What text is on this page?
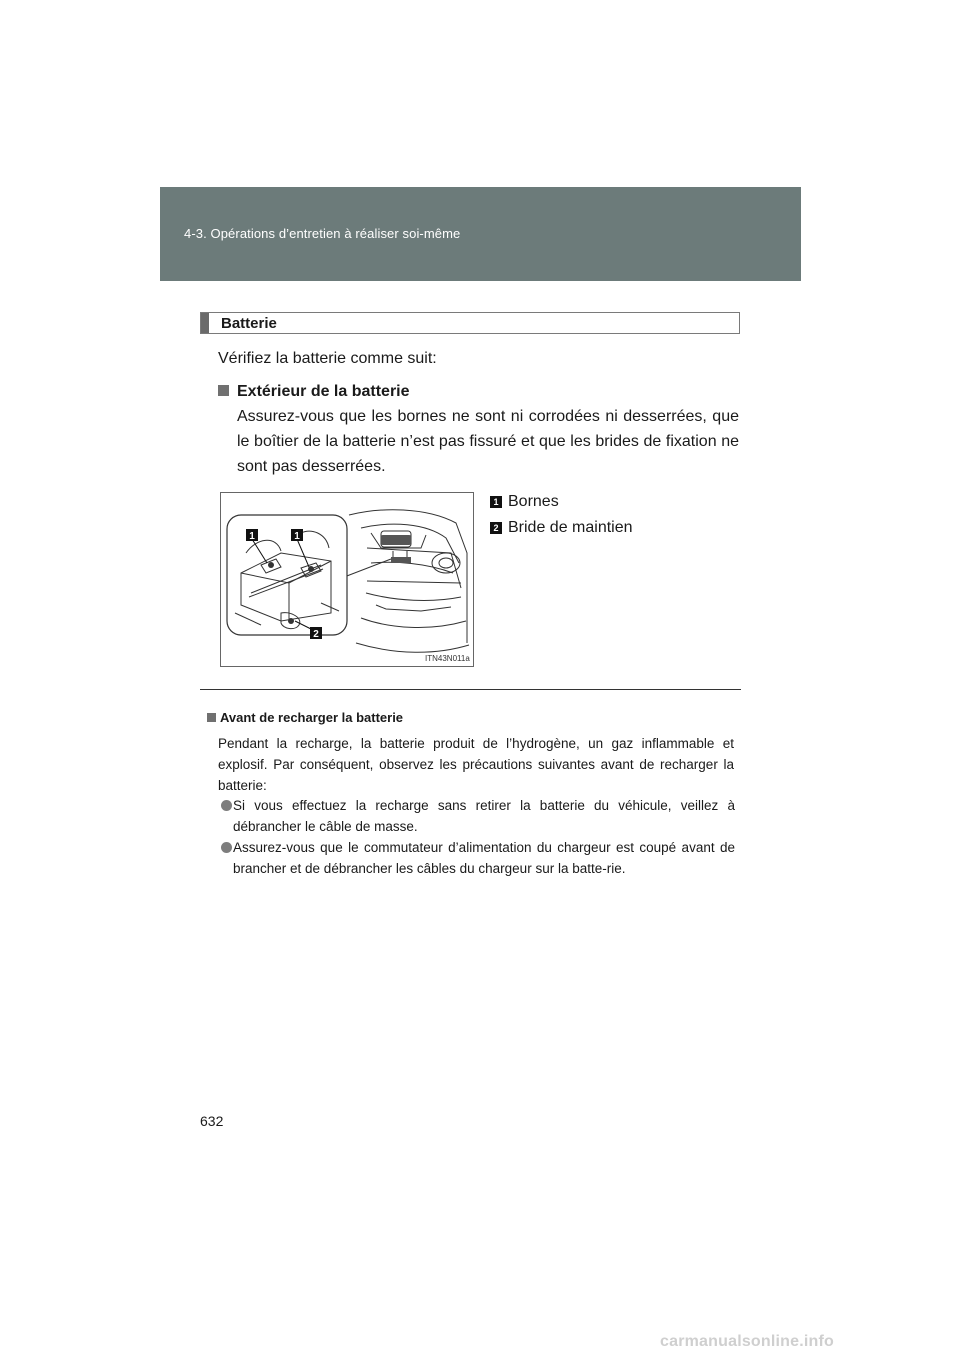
4-3. Opérations d’entretien à réaliser soi-même
Batterie
Vérifiez la batterie comme suit:
Extérieur de la batterie
Assurez-vous que les bornes ne sont ni corrodées ni desserrées, que le boîtier de la batterie n’est pas fissuré et que les brides de fixation ne sont pas desserrées.
1	1
2
ITN43N011a
1 Bornes
2 Bride de maintien
Avant de recharger la batterie
Pendant la recharge, la batterie produit de l’hydrogène, un gaz inflammable et explosif. Par conséquent, observez les précautions suivantes avant de recharger la batterie:
Si vous effectuez la recharge sans retirer la batterie du véhicule, veillez à débrancher le câble de masse.
Assurez-vous que le commutateur d’alimentation du chargeur est coupé avant de brancher et de débrancher les câbles du chargeur sur la batte-rie.
632
carmanualsonline.info
